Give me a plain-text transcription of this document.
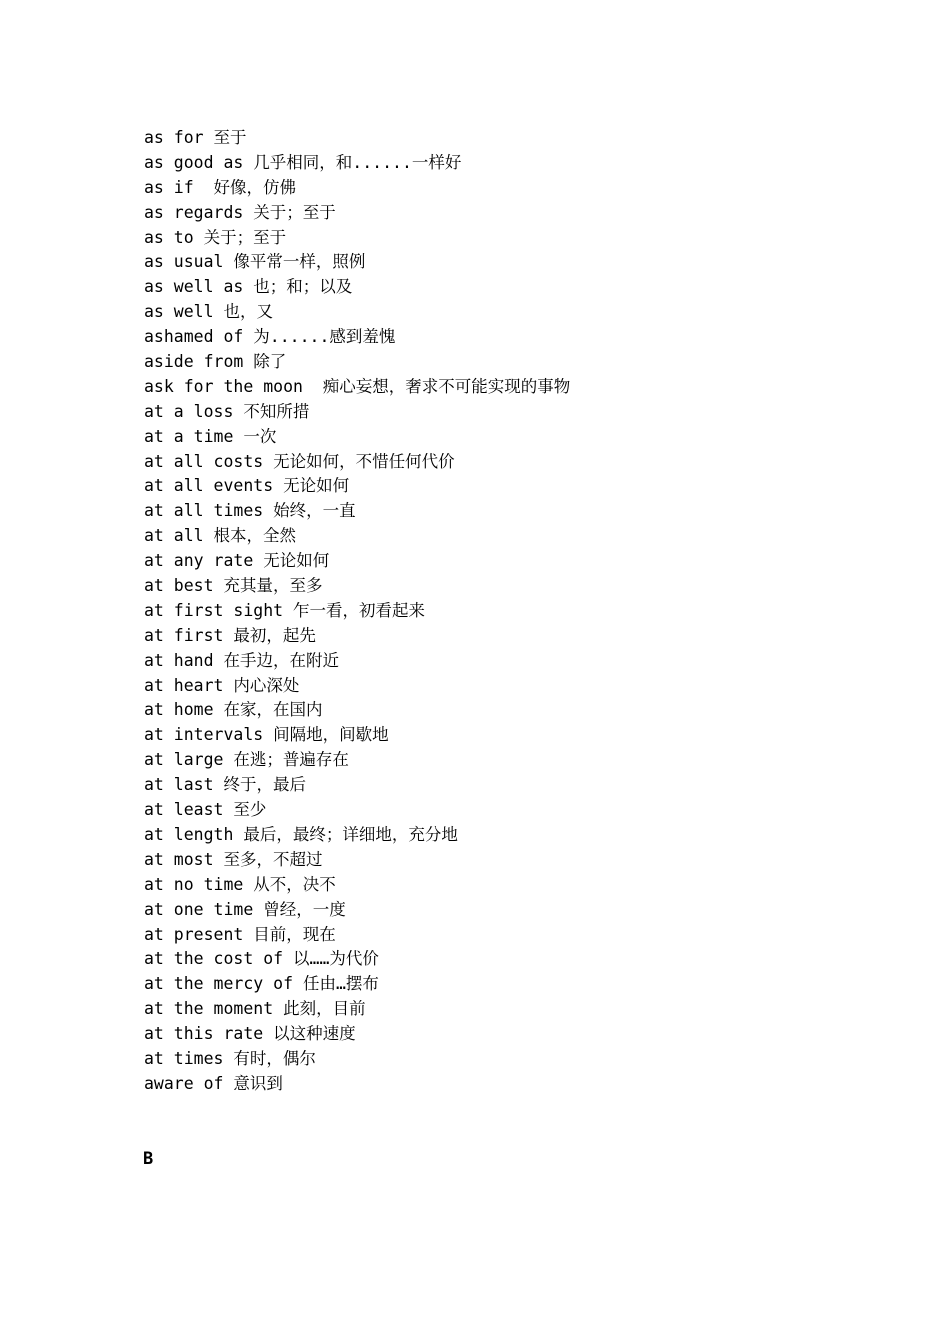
as for 至于
as good as 几乎相同，和......一样好
as if  好像，仿佛
as regards 关于；至于
as to 关于；至于
as usual 像平常一样，照例
as well as 也；和；以及
as well 也，又
ashamed of 为......感到羞愧
aside from 除了
ask for the moon  痴心妄想，奢求不可能实现的事物
at a loss 不知所措
at a time 一次
at all costs 无论如何，不惜任何代价
at all events 无论如何
at all times 始终，一直
at all 根本，全然
at any rate 无论如何
at best 充其量，至多
at first sight 乍一看，初看起来
at first 最初，起先
at hand 在手边，在附近
at heart 内心深处
at home 在家，在国内
at intervals 间隔地，间歇地
at large 在逃；普遍存在
at last 终于，最后
at least 至少
at length 最后，最终；详细地，充分地
at most 至多，不超过
at no time 从不，决不
at one time 曾经，一度
at present 目前，现在
at the cost of 以……为代价
at the mercy of 任由…摆布
at the moment 此刻，目前
at this rate 以这种速度
at times 有时，偶尔
aware of 意识到
B
